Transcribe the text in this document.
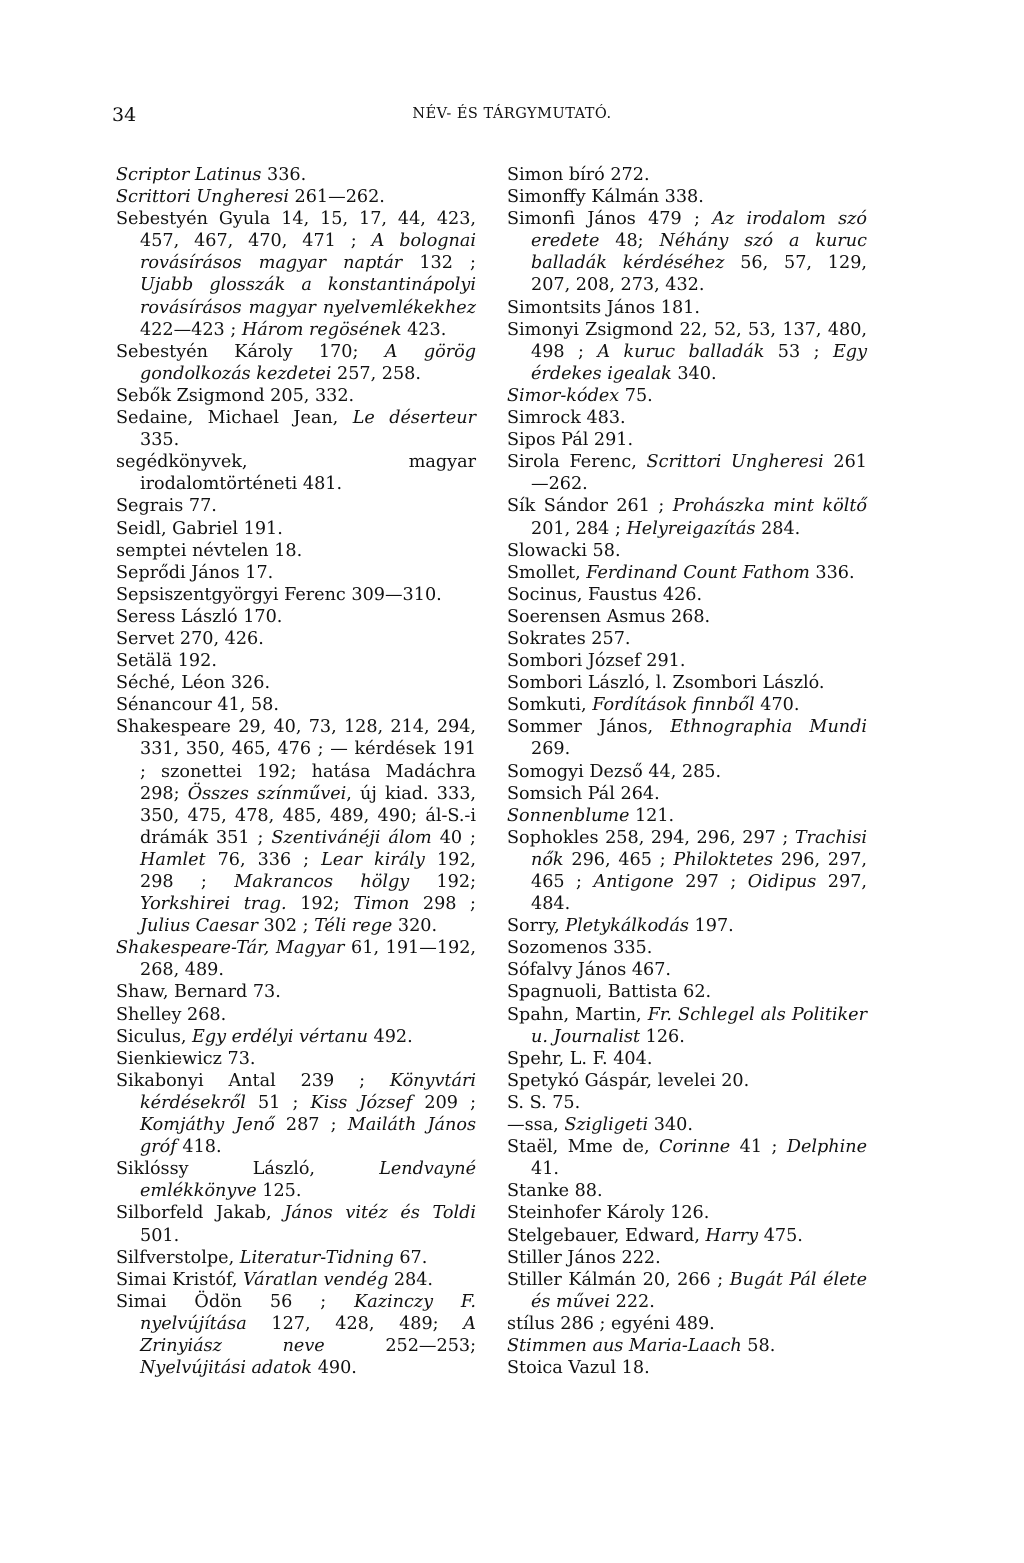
34	NÉV- ÉS TÁRGYMUTATÓ.

Scriptor Latinus 336.

Scrittori Ungheresi 261—262.

Sebestyén Gyula 14, 15, 17, 44, 423, 457, 467, 470, 471 ; A bolognai rovásírásos magyar naptár 132 ; Ujabb glosszák a konstantinápolyi rovásírásos magyar nyelvemlékekhez 422—423 ; Három regösének 423.

Sebestyén Károly 170; A görög gondolkozás kezdetei 257, 258.

Sebők Zsigmond 205, 332.

Sedaine, Michael Jean, Le déserteur 335.

segédkönyvek, magyar irodalomtörténeti 481.

Segrais 77.

Seidl, Gabriel 191.

semptei névtelen 18.

Seprődi János 17.

Sepsiszentgyörgyi Ferenc 309—310.

Seress László 170.

Servet 270, 426.

Setälä 192.

Séché, Léon 326.

Sénancour 41, 58.

Shakespeare 29, 40, 73, 128, 214, 294, 331, 350, 465, 476 ; — kérdések 191 ; szonettei 192; hatása Madáchra 298; Összes színművei, új kiad. 333, 350, 475, 478, 485, 489, 490; ál-S.-i drámák 351 ; Szentivánéji álom 40 ; Hamlet 76, 336 ; Lear király 192, 298 ; Makrancos hölgy 192; Yorkshirei trag. 192; Timon 298 ; Julius Caesar 302 ; Téli rege 320.

Shakespeare-Tár, Magyar 61, 191—192, 268, 489.

Shaw, Bernard 73.

Shelley 268.

Siculus, Egy erdélyi vértanu 492.

Sienkiewicz 73.

Sikabonyi Antal 239 ; Könyvtári kérdésekről 51 ; Kiss József 209 ; Komjáthy Jenő 287 ; Mailáth János gróf 418.

Siklóssy László, Lendvayné emlékkönyve 125.

Silborfeld Jakab, János vitéz és Toldi 501.

Silfverstolpe, Literatur-Tidning 67.

Simai Kristóf, Váratlan vendég 284.

Simai Ödön 56 ; Kazinczy F. nyelvújítása 127, 428, 489; A Zrinyiász neve 252—253; Nyelvújitási adatok 490.

Simon bíró 272.

Simonffy Kálmán 338.

Simonfi János 479 ; Az irodalom szó eredete 48; Néhány szó a kuruc balladák kérdéséhez 56, 57, 129, 207, 208, 273, 432.

Simontsits János 181.

Simonyi Zsigmond 22, 52, 53, 137, 480, 498 ; A kuruc balladák 53 ; Egy érdekes igealak 340.

Simor-kódex 75.

Simrock 483.

Sipos Pál 291.

Sirola Ferenc, Scrittori Ungheresi 261—262.

Sík Sándor 261 ; Prohászka mint költő 201, 284 ; Helyreigazítás 284.

Slowacki 58.

Smollet, Ferdinand Count Fathom 336.

Socinus, Faustus 426.

Soerensen Asmus 268.

Sokrates 257.

Sombori József 291.

Sombori László, l. Zsombori László.

Somkuti, Fordítások finnből 470.

Sommer János, Ethnographia Mundi 269.

Somogyi Dezső 44, 285.

Somsich Pál 264.

Sonnenblume 121.

Sophokles 258, 294, 296, 297 ; Trachisi nők 296, 465 ; Philoktetes 296, 297, 465 ; Antigone 297 ; Oidipus 297, 484.

Sorry, Pletykálkodás 197.

Sozomenos 335.

Sófalvy János 467.

Spagnuoli, Battista 62.

Spahn, Martin, Fr. Schlegel als Politiker u. Journalist 126.

Spehr, L. F. 404.

Spetykó Gáspár, levelei 20.

S. S. 75.

—ssa, Szigligeti 340.

Staël, Mme de, Corinne 41 ; Delphine 41.

Stanke 88.

Steinhofer Károly 126.

Stelgebauer, Edward, Harry 475.

Stiller János 222.

Stiller Kálmán 20, 266 ; Bugát Pál élete és művei 222.

stílus 286 ; egyéni 489.

Stimmen aus Maria-Laach 58.

Stoica Vazul 18.
